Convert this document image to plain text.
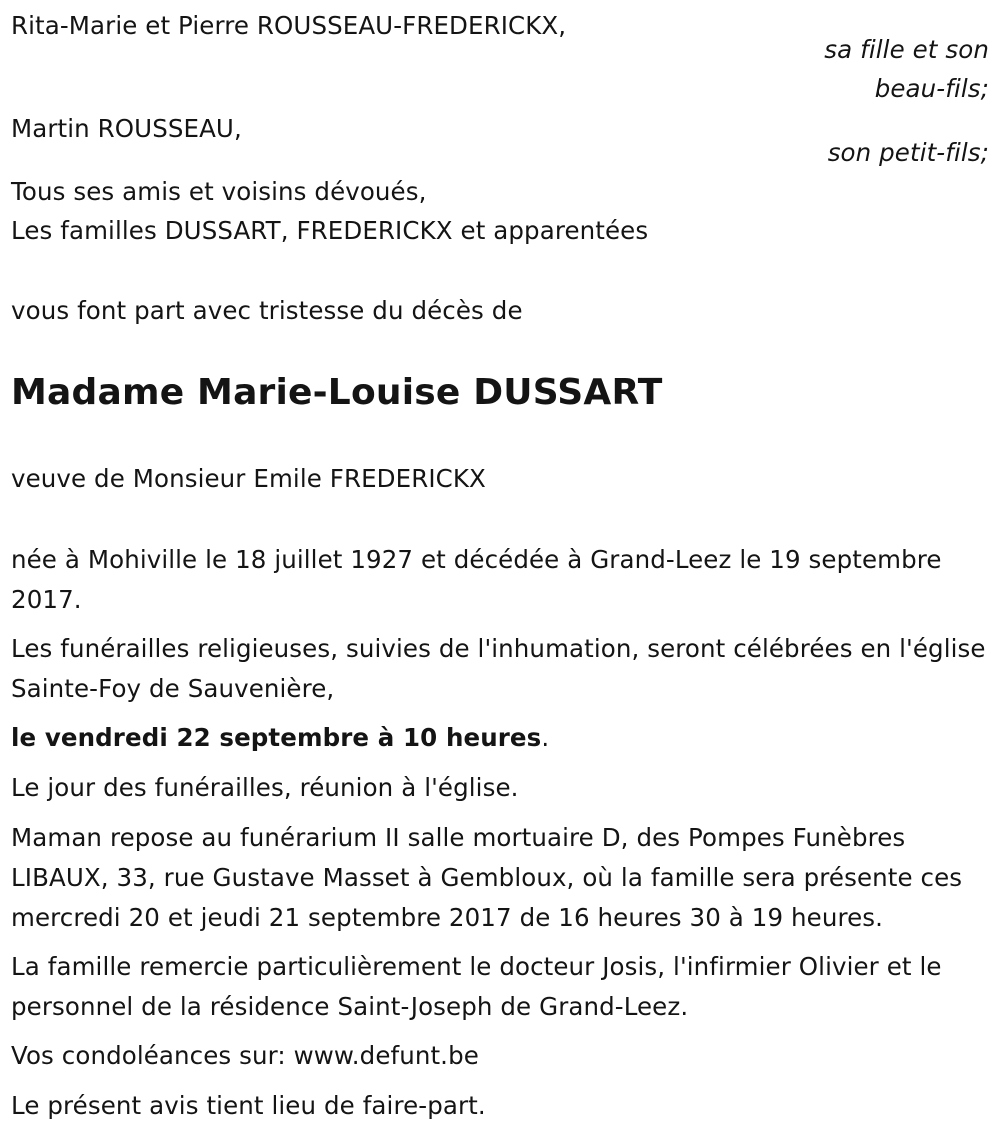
Rita-Marie et Pierre ROUSSEAU-FREDERICKX,
sa fille et son
beau-fils;
Martin ROUSSEAU,
son petit-fils;
Tous ses amis et voisins dévoués,
Les familles DUSSART, FREDERICKX et apparentées
vous font part avec tristesse du décès de
Madame Marie-Louise DUSSART
veuve de Monsieur Emile FREDERICKX
née à Mohiville le 18 juillet 1927 et décédée à Grand-Leez le 19 septembre 2017.
Les funérailles religieuses, suivies de l'inhumation, seront célébrées en l'église Sainte-Foy de Sauvenière,
le vendredi 22 septembre à 10 heures.
Le jour des funérailles, réunion à l'église.
Maman repose au funérarium II salle mortuaire D, des Pompes Funèbres LIBAUX, 33, rue Gustave Masset à Gembloux, où la famille sera présente ces mercredi 20 et jeudi 21 septembre 2017 de 16 heures 30 à 19 heures.
La famille remercie particulièrement le docteur Josis, l'infirmier Olivier et le personnel de la résidence Saint-Joseph de Grand-Leez.
Vos condoléances sur: www.defunt.be
Le présent avis tient lieu de faire-part.
